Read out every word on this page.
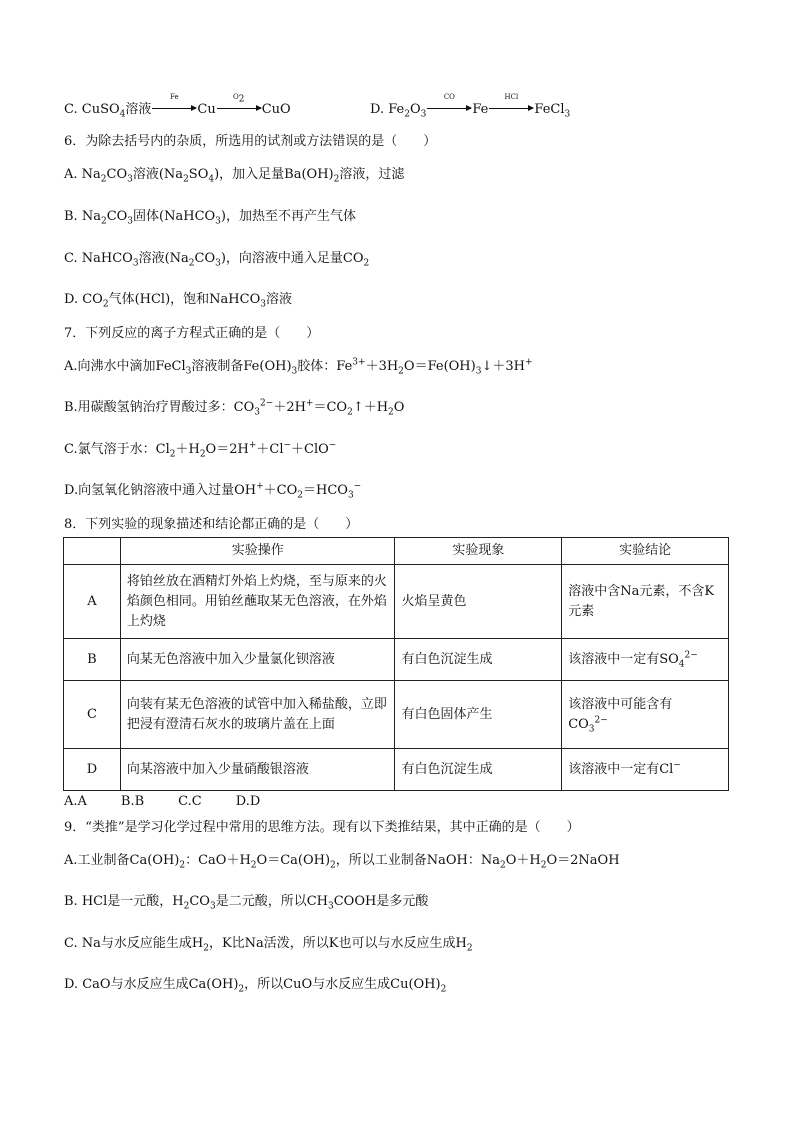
C. CuSO$_4$溶液
Fe
Cu
$O_2$
CuO	D. $Fe_2O_3$
CO
Fe
HCl
FeCl$_3$
6．为除去括号内的杂质，所选用的试剂或方法错误的是（　　）
A. $Na_2CO_3$溶液$(Na_2SO_4)$，加入足量$Ba(OH)_2$溶液，过滤
B. $Na_2CO_3$固体(NaHCO$_3$)，加热至不再产生气体
C. NaHCO$_3$溶液$(Na_2CO_3)$，向溶液中通入足量$CO_2$
D. $CO_2$气体(HCl)，饱和NaHCO$_3$溶液
7．下列反应的离子方程式正确的是（　　）
A.向沸水中滴加FeCl$_3$溶液制备$Fe(OH)_3$胶体：$Fe^{3+}+3H_2O=Fe(OH)_3↓+3H^+$
B.用碳酸氢钠治疗胃酸过多：$CO_3^{2-}+2H^+=CO_2↑+H_2O$
C.氯气溶于水：$Cl_2+H_2O=2H^++Cl^-+ClO^-$
D.向氢氧化钠溶液中通入过量$OH^++CO_2=HCO_3^-$
8．下列实验的现象描述和结论都正确的是（　　）
	实验操作	实验现象	实验结论
A	将铂丝放在酒精灯外焰上灼烧，至与原来的火焰颜色相同。用铂丝蘸取某无色溶液，在外焰上灼烧	火焰呈黄色	溶液中含Na元素，不含K元素
B	向某无色溶液中加入少量氯化钡溶液	有白色沉淀生成	该溶液中一定有$SO_4^{2-}$
C	向装有某无色溶液的试管中加入稀盐酸，立即把浸有澄清石灰水的玻璃片盖在上面	有白色固体产生	该溶液中可能含有
$CO_3^{2-}$
D	向某溶液中加入少量硝酸银溶液	有白色沉淀生成	该溶液中一定有Cl−
A.A	B.B	C.C	D.D
9．“类推”是学习化学过程中常用的思维方法。现有以下类推结果，其中正确的是（　　）
A.工业制备$Ca(OH)_2$：$CaO+H_2O=Ca(OH)_2$，所以工业制备NaOH：$Na_2O+H_2O=2NaOH$
B. HCl是一元酸，$H_2CO_3$是二元酸，所以$CH_3COOH$是多元酸
C. Na与水反应能生成$H_2$，K比Na活泼，所以K也可以与水反应生成$H_2$
D. CaO与水反应生成$Ca(OH)_2$，所以CuO与水反应生成$Cu(OH)_2$
